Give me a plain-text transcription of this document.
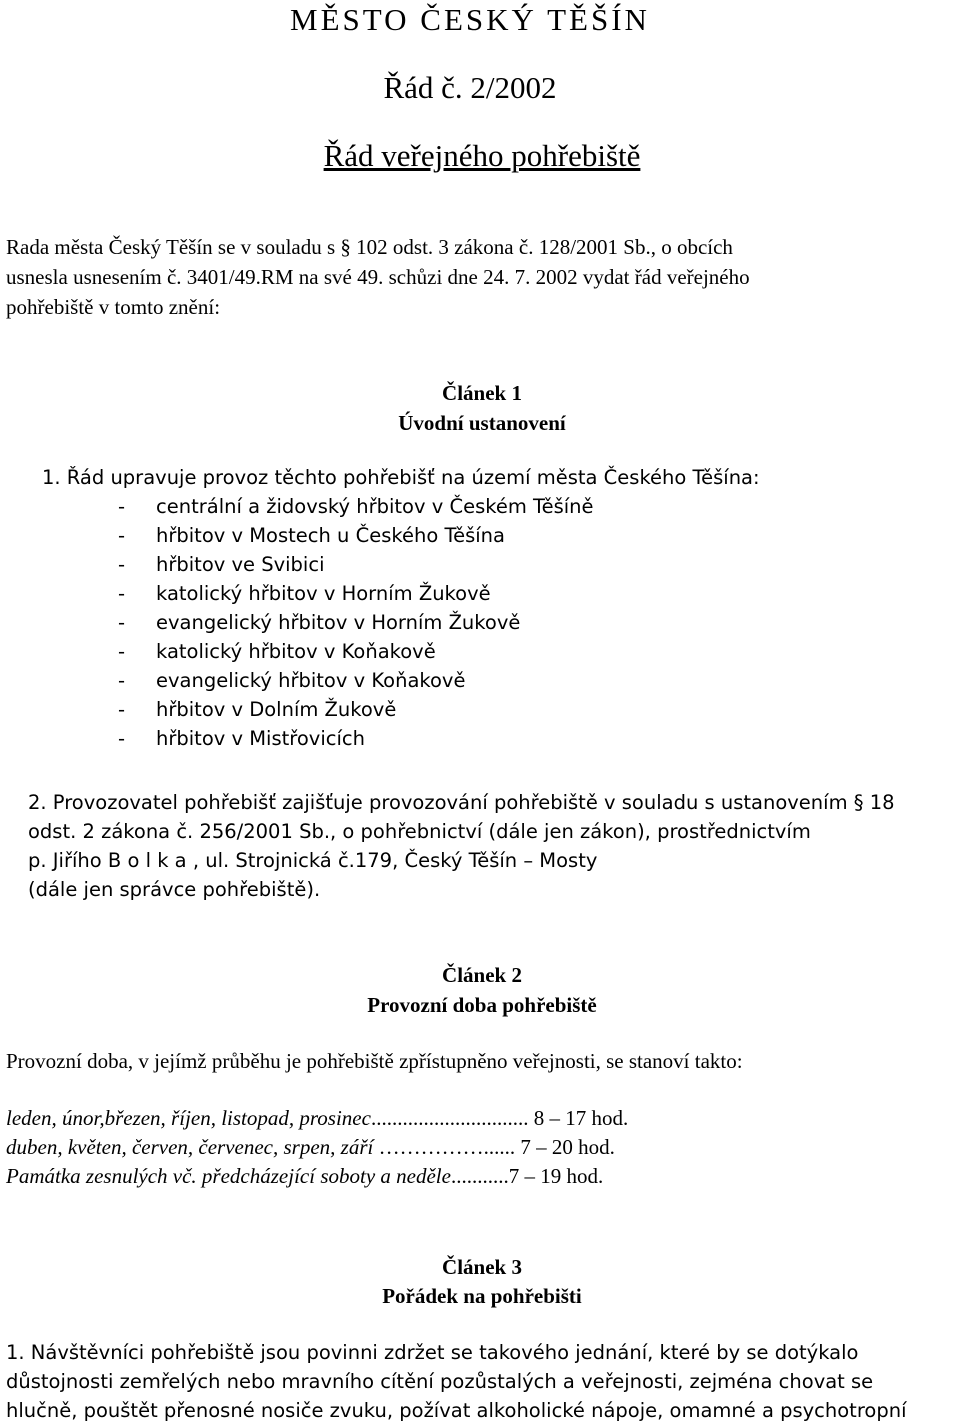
MĚSTO ČESKÝ TĚŠÍN
Řád č. 2/2002
Řád veřejného pohřebiště
Rada města Český Těšín se v souladu s § 102 odst. 3 zákona č. 128/2001 Sb., o obcích
usnesla usnesením č. 3401/49.RM na své 49. schůzi dne 24. 7. 2002 vydat řád veřejného
pohřebiště v tomto znění:
Článek 1
Úvodní ustanovení
1. Řád upravuje provoz těchto pohřebišť na území města Českého Těšína:
- centrální a židovský hřbitov v Českém Těšíně
- hřbitov v Mostech u Českého Těšína
- hřbitov ve Svibici
- katolický hřbitov v Horním Žukově
- evangelický hřbitov v Horním Žukově
- katolický hřbitov v Koňakově
- evangelický hřbitov v Koňakově
- hřbitov v Dolním Žukově
- hřbitov v Mistřovicích
2. Provozovatel pohřebišť zajišťuje provozování pohřebiště v souladu s ustanovením § 18
odst. 2 zákona č. 256/2001 Sb., o pohřebnictví (dále jen zákon), prostřednictvím
p. Jiřího B o l k a , ul. Strojnická č.179, Český Těšín – Mosty
(dále jen správce pohřebiště).
Článek 2
Provozní doba pohřebiště
Provozní doba, v jejímž průběhu je pohřebiště zpřístupněno veřejnosti, se stanoví takto:
leden, únor,březen, říjen, listopad, prosinec.............................. 8 – 17 hod.
duben, květen, červen, červenec, srpen, září ……………...... 7 – 20 hod.
Památka zesnulých vč. předcházející soboty a neděle...........7 – 19 hod.
Článek 3
Pořádek na pohřebišti
1. Návštěvníci pohřebiště jsou povinni zdržet se takového jednání, které by se dotýkalo
důstojnosti zemřelých nebo mravního cítění pozůstalých a veřejnosti, zejména chovat se
hlučně, pouštět přenosné nosiče zvuku, požívat alkoholické nápoje, omamné a psychotropní
